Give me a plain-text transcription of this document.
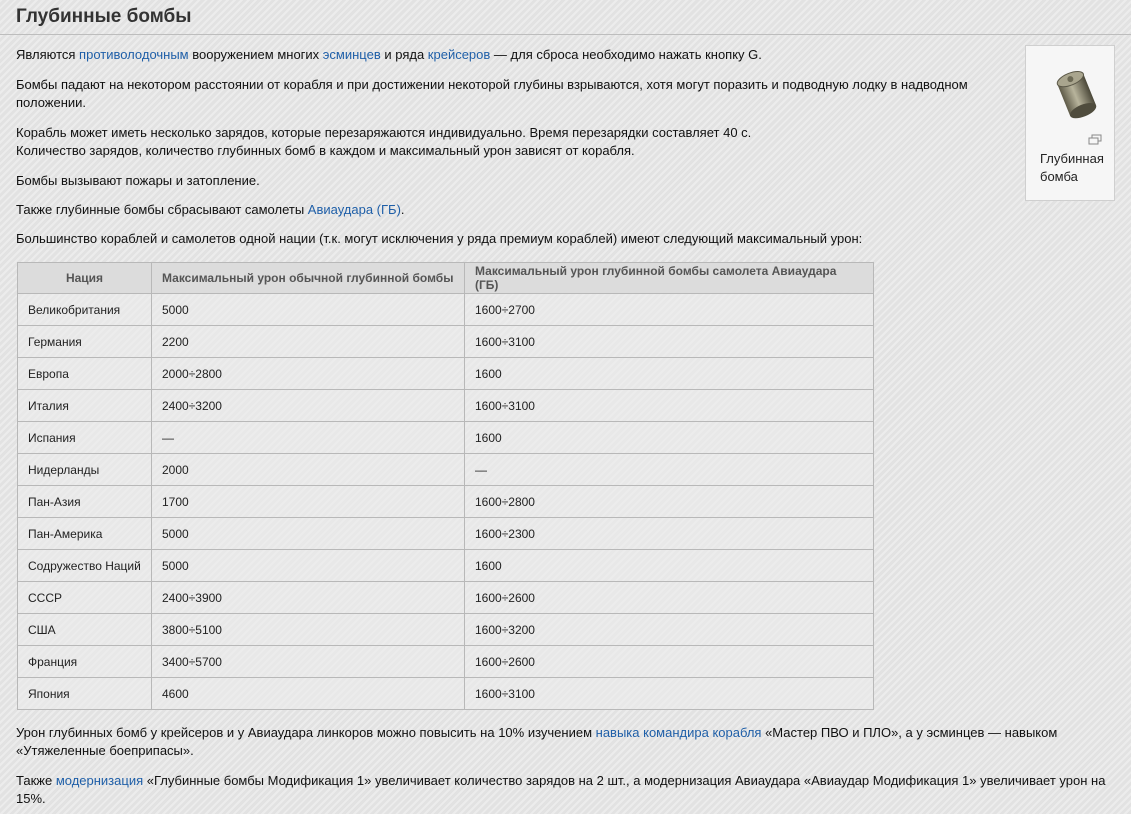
Глубинные бомбы

Являются противолодочным вооружением многих эсминцев и ряда крейсеров — для сброса необходимо нажать кнопку G.

Бомбы падают на некотором расстоянии от корабля и при достижении некоторой глубины взрываются, хотя могут поразить и подводную лодку в надводном положении.

Корабль может иметь несколько зарядов, которые перезаряжаются индивидуально. Время перезарядки составляет 40 с.
Количество зарядов, количество глубинных бомб в каждом и максимальный урон зависят от корабля.

Бомбы вызывают пожары и затопление.

Также глубинные бомбы сбрасывают самолеты Авиаудара (ГБ).

Большинство кораблей и самолетов одной нации (т.к. могут исключения у ряда премиум кораблей) имеют следующий максимальный урон:

Глубинная бомба
Нация	Максимальный урон обычной глубинной бомбы	Максимальный урон глубинной бомбы самолета Авиаудара (ГБ)
Великобритания	5000	1600÷2700
Германия	2200	1600÷3100
Европа	2000÷2800	1600
Италия	2400÷3200	1600÷3100
Испания	—	1600
Нидерланды	2000	—
Пан-Азия	1700	1600÷2800
Пан-Америка	5000	1600÷2300
Содружество Наций	5000	1600
СССР	2400÷3900	1600÷2600
США	3800÷5100	1600÷3200
Франция	3400÷5700	1600÷2600
Япония	4600	1600÷3100

Урон глубинных бомб у крейсеров и у Авиаудара линкоров можно повысить на 10% изучением навыка командира корабля «Мастер ПВО и ПЛО», а у эсминцев — навыком «Утяжеленные боеприпасы».

Также модернизация «Глубинные бомбы Модификация 1» увеличивает количество зарядов на 2 шт., а модернизация Авиаудара «Авиаудар Модификация 1» увеличивает урон на 15%.
